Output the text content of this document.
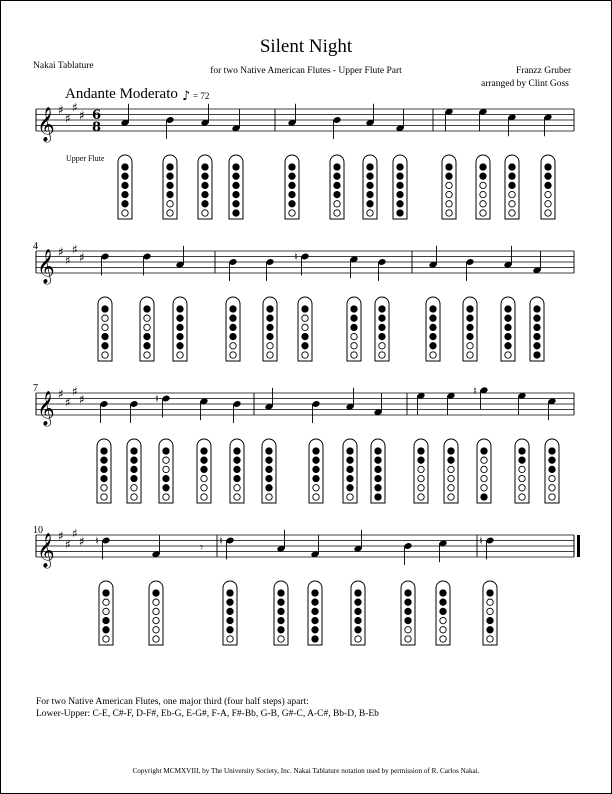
Silent Night
for two Native American Flutes - Upper Flute Part
Nakai Tablature	Franzz Gruber
arranged by Clint Goss
Andante Moderato = 72
Upper Flute
4
7
10
𝄞 ♯
♯
♯
♯ 6
8
𝄞 ♯
♯
♯
♯	♮
𝄞 ♯
♯
♯
♯	♮
♮
𝄞 ♯
♯
♯
♯ ♮	𝄾 ♮	♮
♪
For two Native American Flutes, one major third (four half steps) apart:
Lower-Upper: C-E, C#-F, D-F#, Eb-G, E-G#, F-A, F#-Bb, G-B, G#-C, A-C#, Bb-D, B-Eb
Copyright MCMXVIII, by The University Society, Inc. Nakai Tablature notation used by permission of R. Carlos Nakai.
